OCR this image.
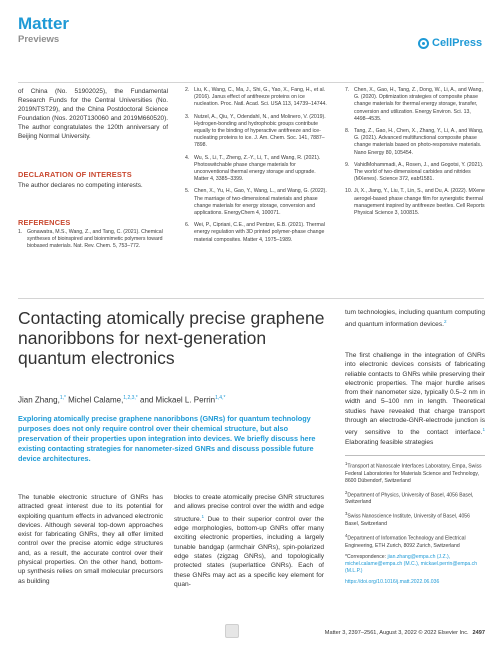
Matter
Previews	CellPress
of China (No. 51902025), the Fundamental Research Funds for the Central Universities (No. 2019NTST29), and the China Postdoctoral Science Foundation (Nos. 2020T130060 and 2019M660520). The author congratulates the 120th anniversary of Beijing Normal University.
DECLARATION OF INTERESTS
The author declares no competing interests.
REFERENCES
1. Gonawatra, M.S., Wang, Z., and Tang, C. (2021). Chemical syntheses of bioinspired and bioinmimetic polymers toward biobased materials. Nat. Rev. Chem. 5, 753–772.
2. Liu, K., Wang, C., Ma, J., Shi, G., Yao, X., Fang, H., et al. (2016). Janus effect of antifreeze proteins on ice nucleation. Proc. Natl. Acad. Sci. USA 113, 14739–14744.
3. Nutzel, A., Qiu, Y., Odendahl, N., and Molinero, V. (2019). Hydrogen-bonding and hydrophobic groups contribute equally to the binding of hyperactive antifreeze and ice-nucleating proteins to ice. J. Am. Chem. Soc. 141, 7887–7898.
4. Wu, S., Li, T., Zheng, Z.-Y., Li, T., and Wang, R. (2021). Photoswitchable phase change materials for unconventional thermal energy storage and upgrade. Matter 4, 3385–3399.
5. Chen, X., Yu, H., Gao, Y., Wang, L., and Wang, G. (2022). The marriage of two-dimensional materials and phase change materials for energy storage, conversion and applications. EnergyChem 4, 100071.
6. Wei, P., Cipriani, C.E., and Pentzer, E.B. (2021). Thermal energy regulation with 3D printed polymer-phase change material composites. Matter 4, 1975–1989.
7. Chen, X., Gao, H., Tang, Z., Dong, W., Li, A., and Wang, G. (2020). Optimization strategies of composite phase change materials for thermal energy storage, transfer, conversion and utilization. Energy Environ. Sci. 13, 4498–4535.
8. Tang, Z., Gao, H., Chen, X., Zhang, Y., Li, A., and Wang, G. (2021). Advanced multifunctional composite phase change materials based on photo-responsive materials. Nano Energy 80, 105454.
9. VahidMohammadi, A., Rosen, J., and Gogotsi, Y. (2021). The world of two-dimensional carbides and nitrides (MXenes). Science 372, eabf1581.
10. Ji, X., Jiang, Y., Liu, T., Lin, S., and Du, A. (2022). MXene aerogel-based phase change film for synergistic thermal management inspired by antifreeze beetles. Cell Reports Physical Science 3, 100815.
Contacting atomically precise graphene nanoribbons for next-generation quantum electronics
Jian Zhang,$^{1,*}$ Michel Calame,$^{1,2,3,*}$ and Mickael L. Perrin$^{1,4,*}$
Exploring atomically precise graphene nanoribbons (GNRs) for quantum technology purposes does not only require control over their chemical structure, but also preservation of their properties upon integration into devices. We briefly discuss here existing contacting strategies for nanometer-sized GNRs and discuss possible future device architectures.
The tunable electronic structure of GNRs has attracted great interest due to its potential for exploiting quantum effects in advanced electronic devices. Although several top-down approaches exist for fabricating GNRs, they all offer limited control over the precise atomic edge structures and, as a result, the accurate control over their physical properties. On the other hand, bottom-up synthesis relies on small molecular precursors as building
blocks to create atomically precise GNR structures and allows precise control over the width and edge structure.$^1$ Due to their superior control over the edge morphologies, bottom-up GNRs offer many exciting electronic properties, including a largely tunable bandgap (armchair GNRs), spin-polarized edge states (zigzag GNRs), and topologically protected states (superlattice GNRs). Each of these GNRs may act as a specific key element for quan-
tum technologies, including quantum computing and quantum information devices.$^2$
The first challenge in the integration of GNRs into electronic devices consists of fabricating reliable contacts to GNRs while preserving their electronic properties. The major hurdle arises from their nanometer size, typically 0.5–2 nm in width and 5–100 nm in length. Theoretical studies have revealed that charge transport through an electrode-GNR-electrode junction is very sensitive to the contact interface.$^1$ Elaborating feasible strategies
$^1$Transport at Nanoscale Interfaces Laboratory, Empa, Swiss Federal Laboratories for Materials Science and Technology, 8600 Dübendorf, Switzerland
$^2$Department of Physics, University of Basel, 4056 Basel, Switzerland
$^3$Swiss Nanoscience Institute, University of Basel, 4056 Basel, Switzerland
$^4$Department of Information Technology and Electrical Engineering, ETH Zurich, 8092 Zurich, Switzerland
*Correspondence: jian.zhang@empa.ch (J.Z.), michel.calame@empa.ch (M.C.), mickael.perrin@empa.ch (M.L.P.)
https://doi.org/10.1016/j.matt.2022.06.036
Matter 3, 2397–2561, August 3, 2022 © 2022 Elsevier Inc. 2497
